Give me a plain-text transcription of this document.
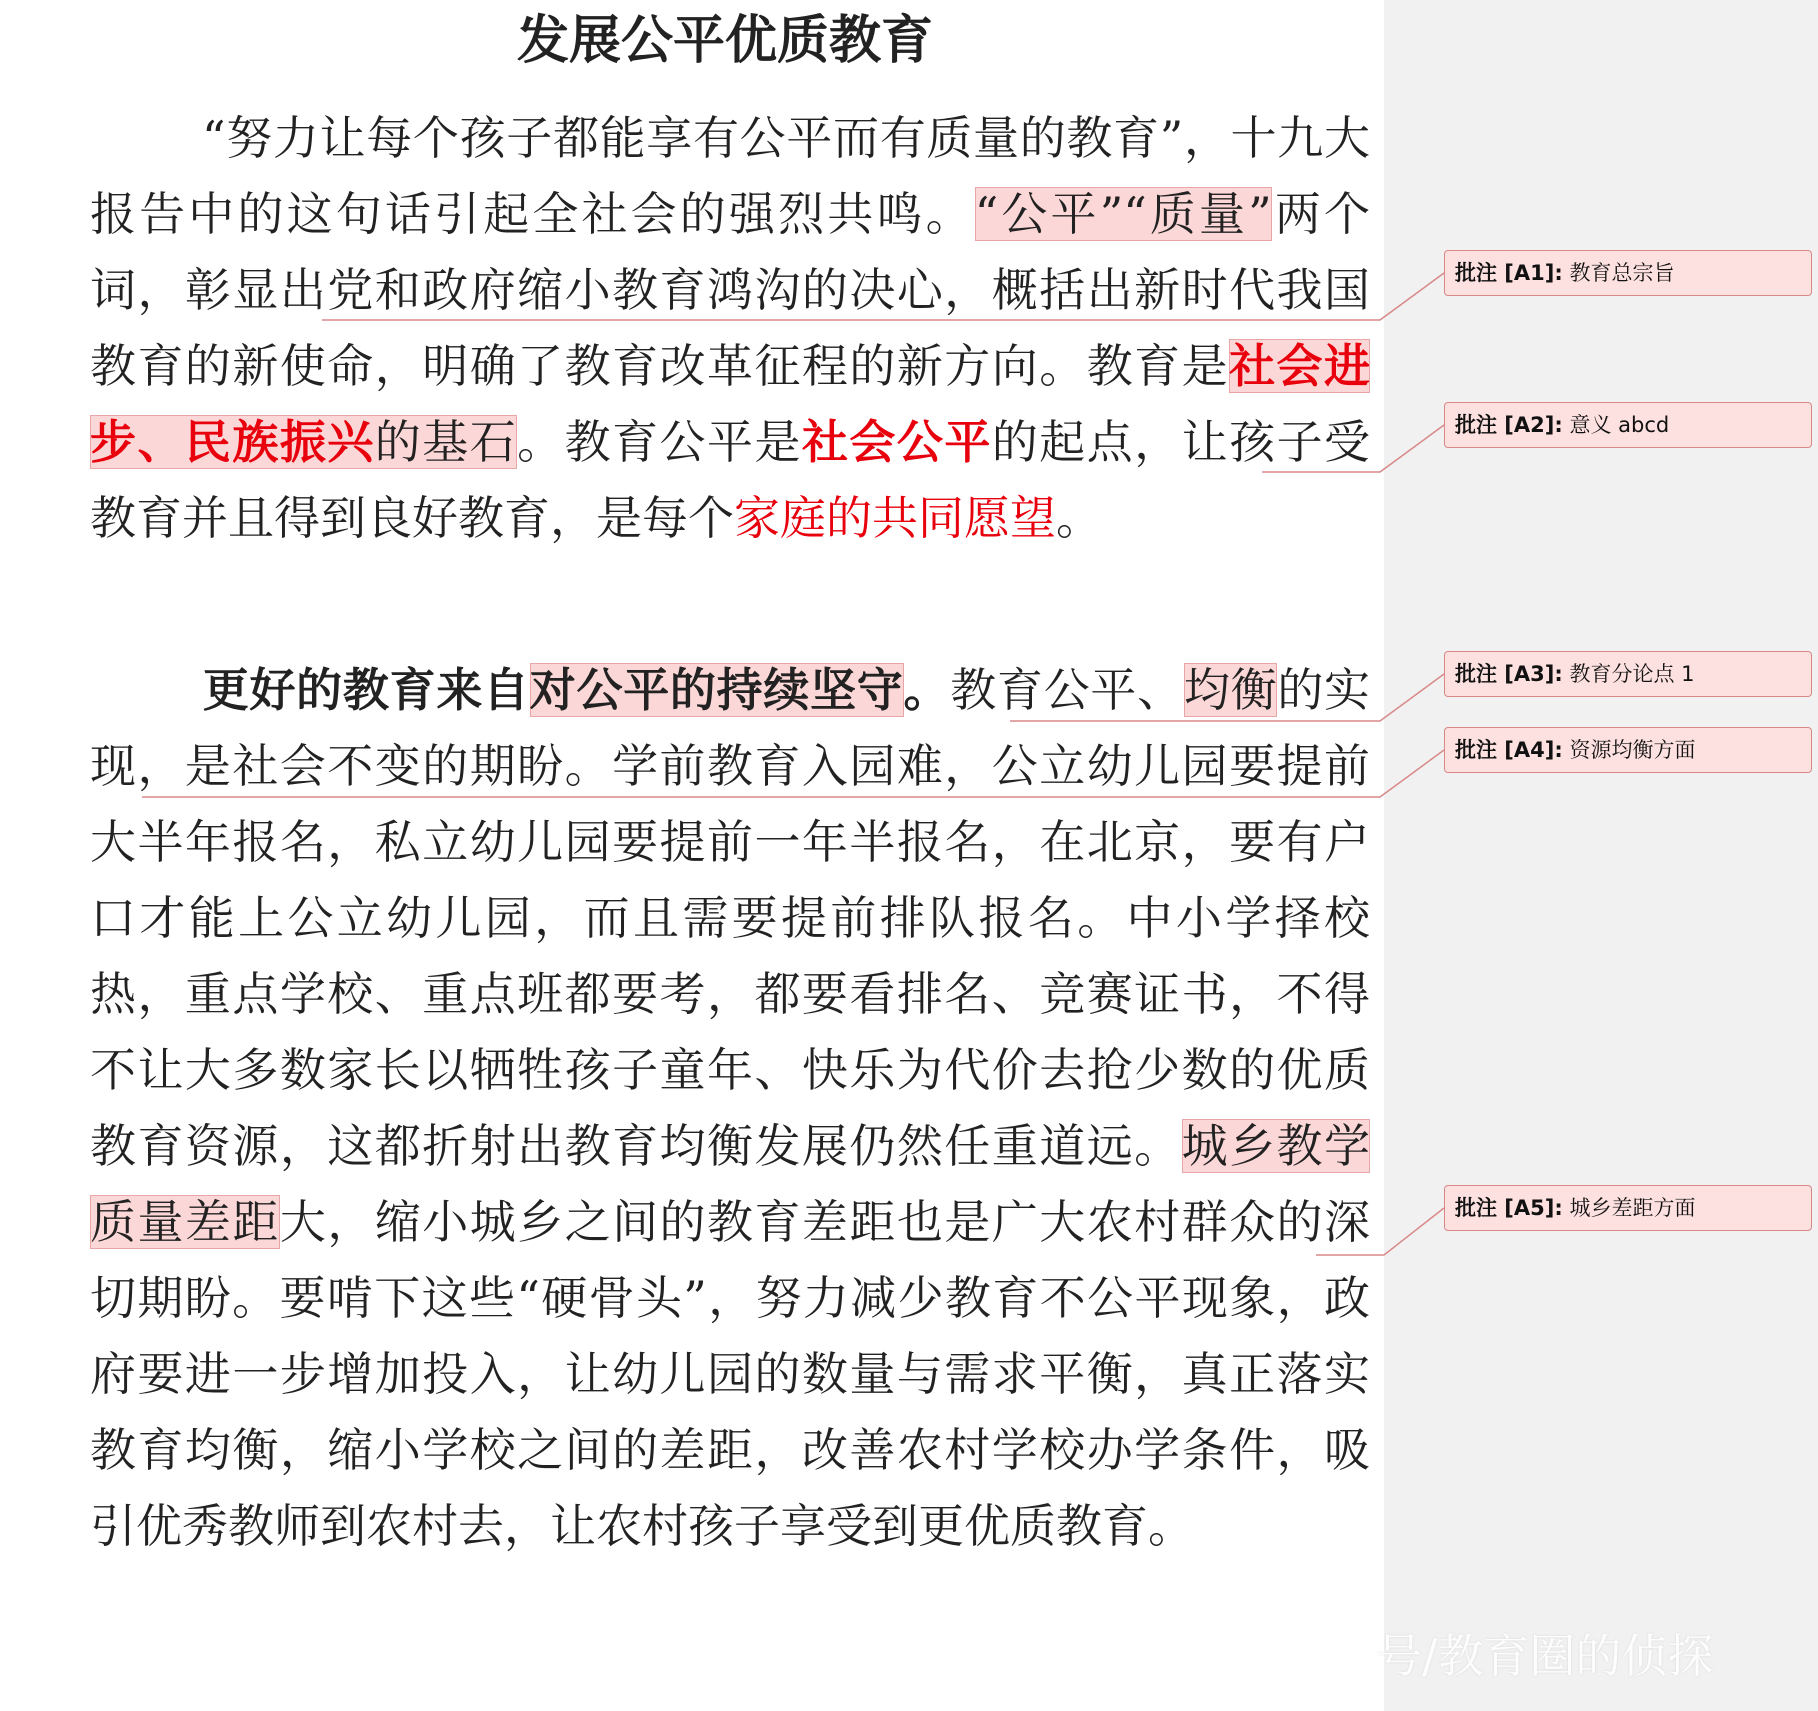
发展公平优质教育
“努力让每个孩子都能享有公平而有质量的教育”，十九大报告中的这句话引起全社会的强烈共鸣。“公平”“质量”两个词，彰显出党和政府缩小教育鸿沟的决心，概括出新时代我国教育的新使命，明确了教育改革征程的新方向。教育是社会进步、民族振兴的基石。教育公平是社会公平的起点，让孩子受教育并且得到良好教育，是每个家庭的共同愿望。
更好的教育来自对公平的持续坚守。教育公平、均衡的实现，是社会不变的期盼。学前教育入园难，公立幼儿园要提前大半年报名，私立幼儿园要提前一年半报名，在北京，要有户口才能上公立幼儿园，而且需要提前排队报名。中小学择校热，重点学校、重点班都要考，都要看排名、竞赛证书，不得不让大多数家长以牺牲孩子童年、快乐为代价去抢少数的优质教育资源，这都折射出教育均衡发展仍然任重道远。城乡教学质量差距大，缩小城乡之间的教育差距也是广大农村群众的深切期盼。要啃下这些“硬骨头”，努力减少教育不公平现象，政府要进一步增加投入，让幼儿园的数量与需求平衡，真正落实教育均衡，缩小学校之间的差距，改善农村学校办学条件，吸引优秀教师到农村去，让农村孩子享受到更优质教育。
批注 [A1]: 教育总宗旨
批注 [A2]: 意义 abcd
批注 [A3]: 教育分论点 1
批注 [A4]: 资源均衡方面
批注 [A5]: 城乡差距方面
号/教育圈的侦探
